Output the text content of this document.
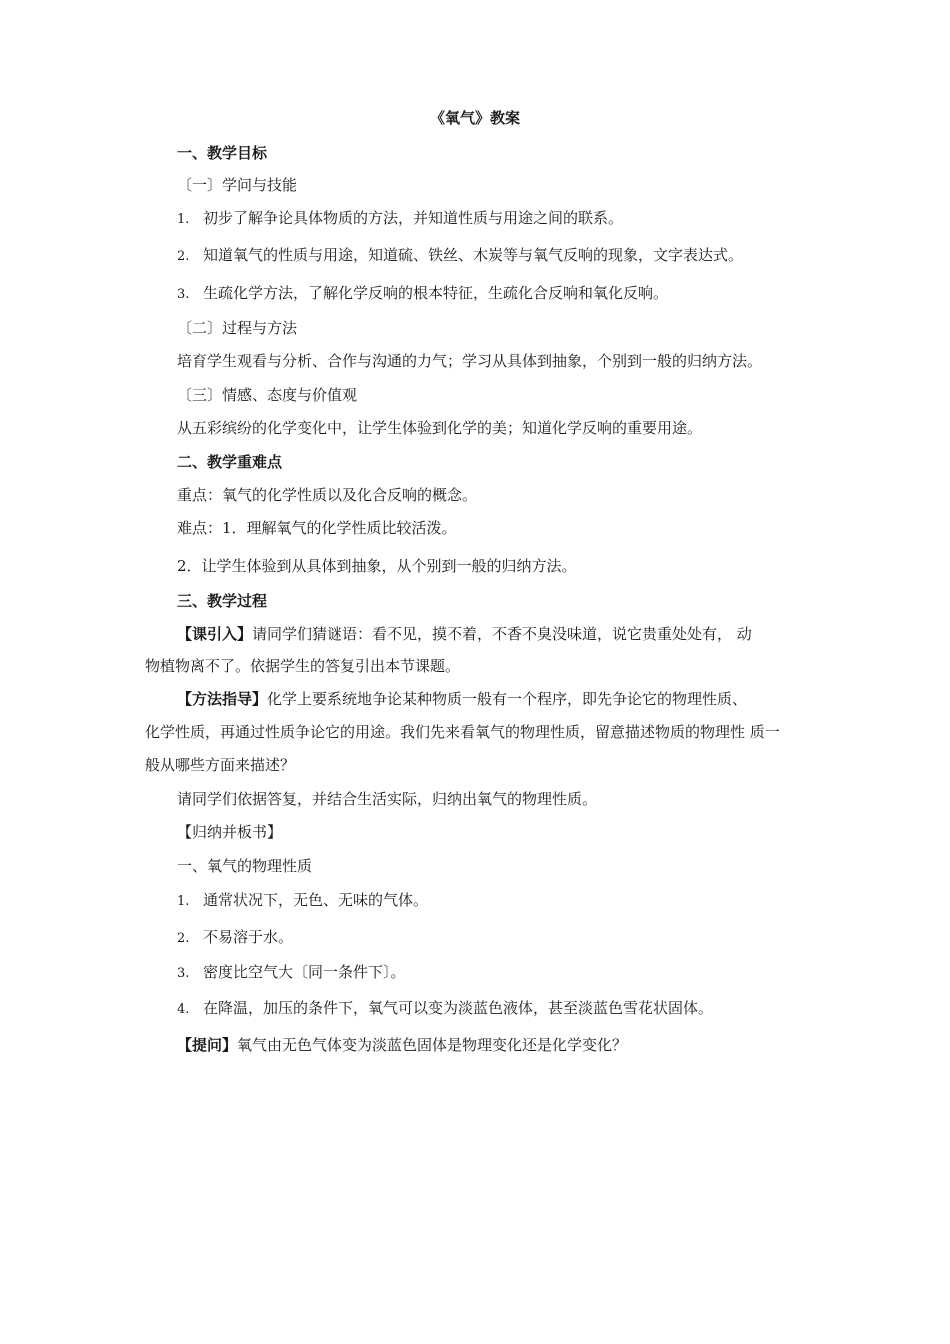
《氧气》教案
一、教学目标
〔一〕学问与技能
1. 初步了解争论具体物质的方法，并知道性质与用途之间的联系。
2. 知道氧气的性质与用途，知道硫、铁丝、木炭等与氧气反响的现象，文字表达式。
3. 生疏化学方法，了解化学反响的根本特征，生疏化合反响和氧化反响。
〔二〕过程与方法
培育学生观看与分析、合作与沟通的力气；学习从具体到抽象，个别到一般的归纳方法。
〔三〕情感、态度与价值观
从五彩缤纷的化学变化中，让学生体验到化学的美；知道化学反响的重要用途。
二、教学重难点
重点：氧气的化学性质以及化合反响的概念。
难点：1．理解氧气的化学性质比较活泼。
2．让学生体验到从具体到抽象，从个别到一般的归纳方法。
三、教学过程
【课引入】请同学们猜谜语：看不见，摸不着，不香不臭没味道，说它贵重处处有， 动
物植物离不了。依据学生的答复引出本节课题。
【方法指导】化学上要系统地争论某种物质一般有一个程序，即先争论它的物理性质、
化学性质，再通过性质争论它的用途。我们先来看氧气的物理性质，留意描述物质的物理性 质一
般从哪些方面来描述？
请同学们依据答复，并结合生活实际，归纳出氧气的物理性质。
【归纳并板书】
一、氧气的物理性质
1. 通常状况下，无色、无味的气体。
2. 不易溶于水。
3. 密度比空气大〔同一条件下〕。
4. 在降温，加压的条件下，氧气可以变为淡蓝色液体，甚至淡蓝色雪花状固体。
【提问】氧气由无色气体变为淡蓝色固体是物理变化还是化学变化？
